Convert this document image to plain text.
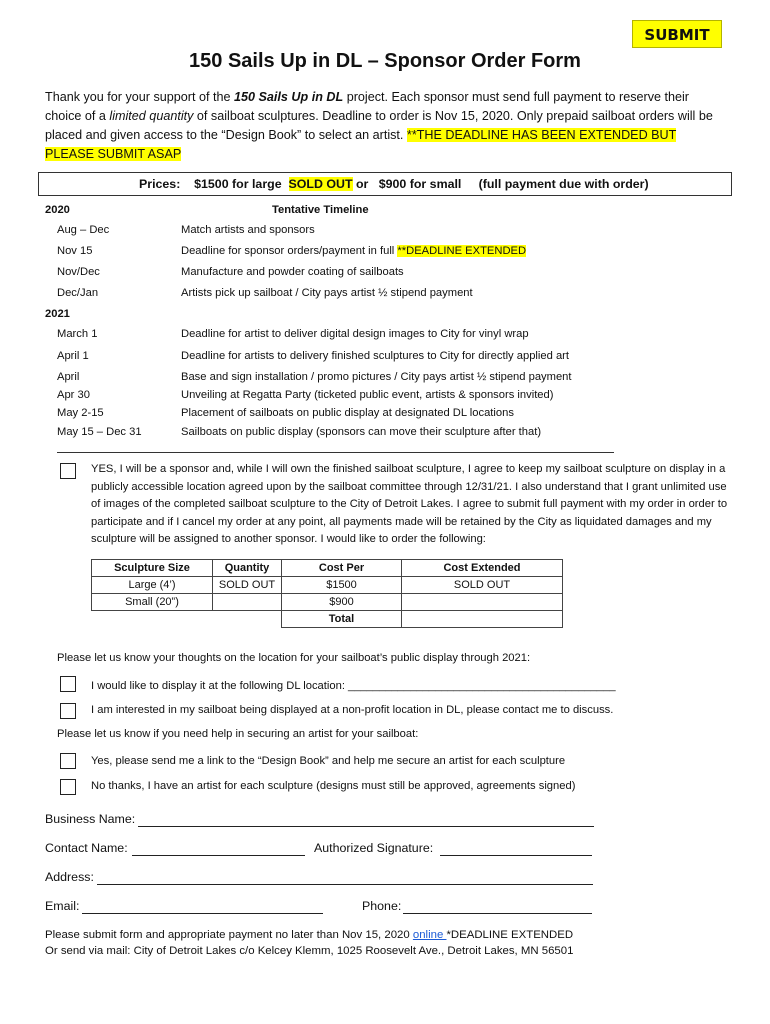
SUBMIT
150 Sails Up in DL – Sponsor Order Form
Thank you for your support of the 150 Sails Up in DL project. Each sponsor must send full payment to reserve their choice of a limited quantity of sailboat sculptures. Deadline to order is Nov 15, 2020. Only prepaid sailboat orders will be placed and given access to the “Design Book” to select an artist. **THE DEADLINE HAS BEEN EXTENDED BUT PLEASE SUBMIT ASAP
Prices: $1500 for large SOLD OUT or $900 for small (full payment due with order)
2020	Tentative Timeline
Aug – Dec	Match artists and sponsors
Nov 15	Deadline for sponsor orders/payment in full **DEADLINE EXTENDED
Nov/Dec	Manufacture and powder coating of sailboats
Dec/Jan	Artists pick up sailboat / City pays artist ½ stipend payment
2021
March 1	Deadline for artist to deliver digital design images to City for vinyl wrap
April 1	Deadline for artists to delivery finished sculptures to City for directly applied art
April	Base and sign installation / promo pictures / City pays artist ½ stipend payment
Apr 30	Unveiling at Regatta Party (ticketed public event, artists & sponsors invited)
May 2-15	Placement of sailboats on public display at designated DL locations
May 15 – Dec 31	Sailboats on public display (sponsors can move their sculpture after that)
YES, I will be a sponsor and, while I will own the finished sailboat sculpture, I agree to keep my sailboat sculpture on display in a publicly accessible location agreed upon by the sailboat committee through 12/31/21. I also understand that I grant unlimited use of images of the completed sailboat sculpture to the City of Detroit Lakes. I agree to submit full payment with my order in order to participate and if I cancel my order at any point, all payments made will be retained by the City as liquidated damages and my sculpture will be assigned to another sponsor. I would like to order the following:
Sculpture Size	Quantity	Cost Per	Cost Extended
Large (4’)	SOLD OUT	$1500	SOLD OUT
Small (20”)		$900	
		Total	
Please let us know your thoughts on the location for your sailboat’s public display through 2021:
I would like to display it at the following DL location: ___________________________________________
I am interested in my sailboat being displayed at a non-profit location in DL, please contact me to discuss.
Please let us know if you need help in securing an artist for your sailboat:
Yes, please send me a link to the “Design Book” and help me secure an artist for each sculpture
No thanks, I have an artist for each sculpture (designs must still be approved, agreements signed)
Business Name:
Contact Name:	Authorized Signature:
Address:
Email:	Phone:
Please submit form and appropriate payment no later than Nov 15, 2020 online *DEADLINE EXTENDED
Or send via mail: City of Detroit Lakes c/o Kelcey Klemm, 1025 Roosevelt Ave., Detroit Lakes, MN 56501
